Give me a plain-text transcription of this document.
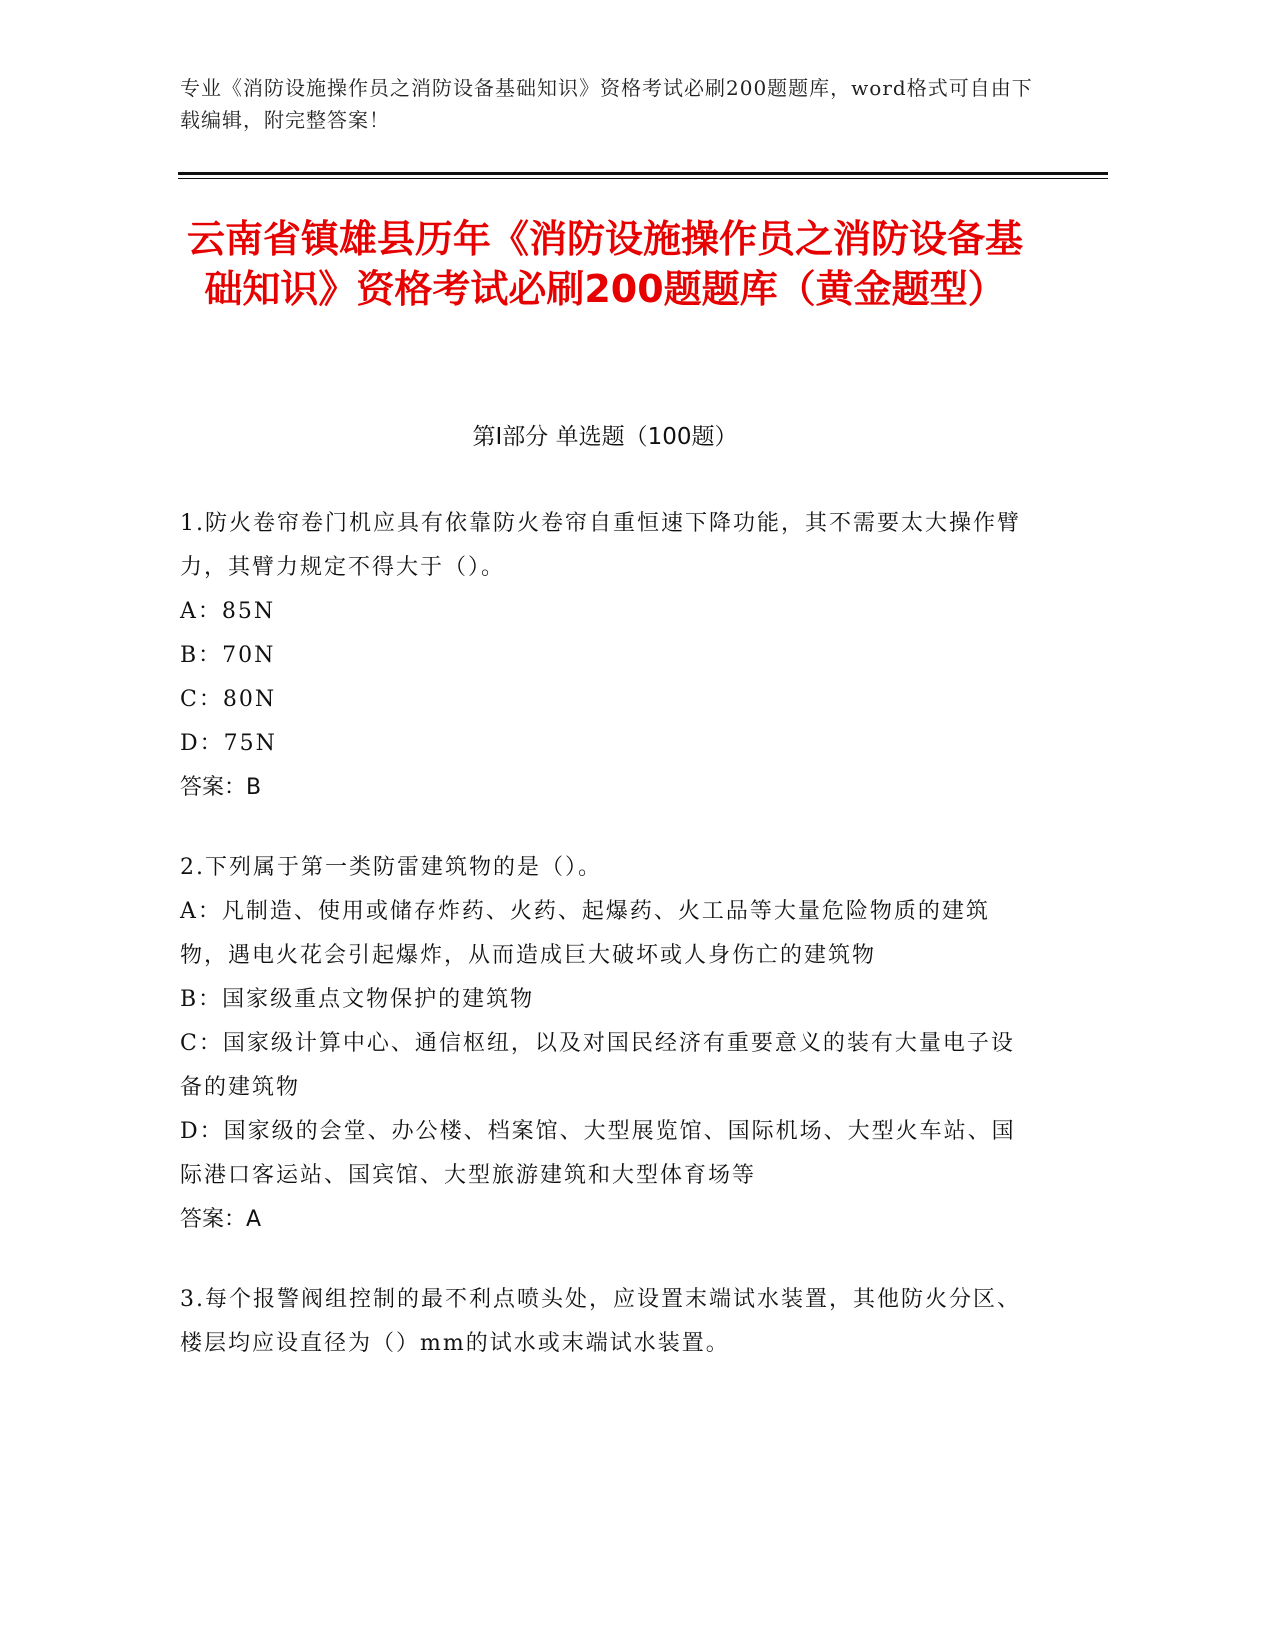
专业《消防设施操作员之消防设备基础知识》资格考试必刷200题题库，word格式可自由下载编辑，附完整答案！
云南省镇雄县历年《消防设施操作员之消防设备基础知识》资格考试必刷200题题库（黄金题型）
第I部分 单选题（100题）

1.防火卷帘卷门机应具有依靠防火卷帘自重恒速下降功能，其不需要太大操作臂力，其臂力规定不得大于（）。

A：85N

B：70N

C：80N

D：75N

答案：B

2.下列属于第一类防雷建筑物的是（）。

A：凡制造、使用或储存炸药、火药、起爆药、火工品等大量危险物质的建筑物，遇电火花会引起爆炸，从而造成巨大破坏或人身伤亡的建筑物

B：国家级重点文物保护的建筑物

C：国家级计算中心、通信枢纽，以及对国民经济有重要意义的装有大量电子设备的建筑物

D：国家级的会堂、办公楼、档案馆、大型展览馆、国际机场、大型火车站、国际港口客运站、国宾馆、大型旅游建筑和大型体育场等

答案：A

3.每个报警阀组控制的最不利点喷头处，应设置末端试水装置，其他防火分区、楼层均应设直径为（）mm的试水或末端试水装置。
